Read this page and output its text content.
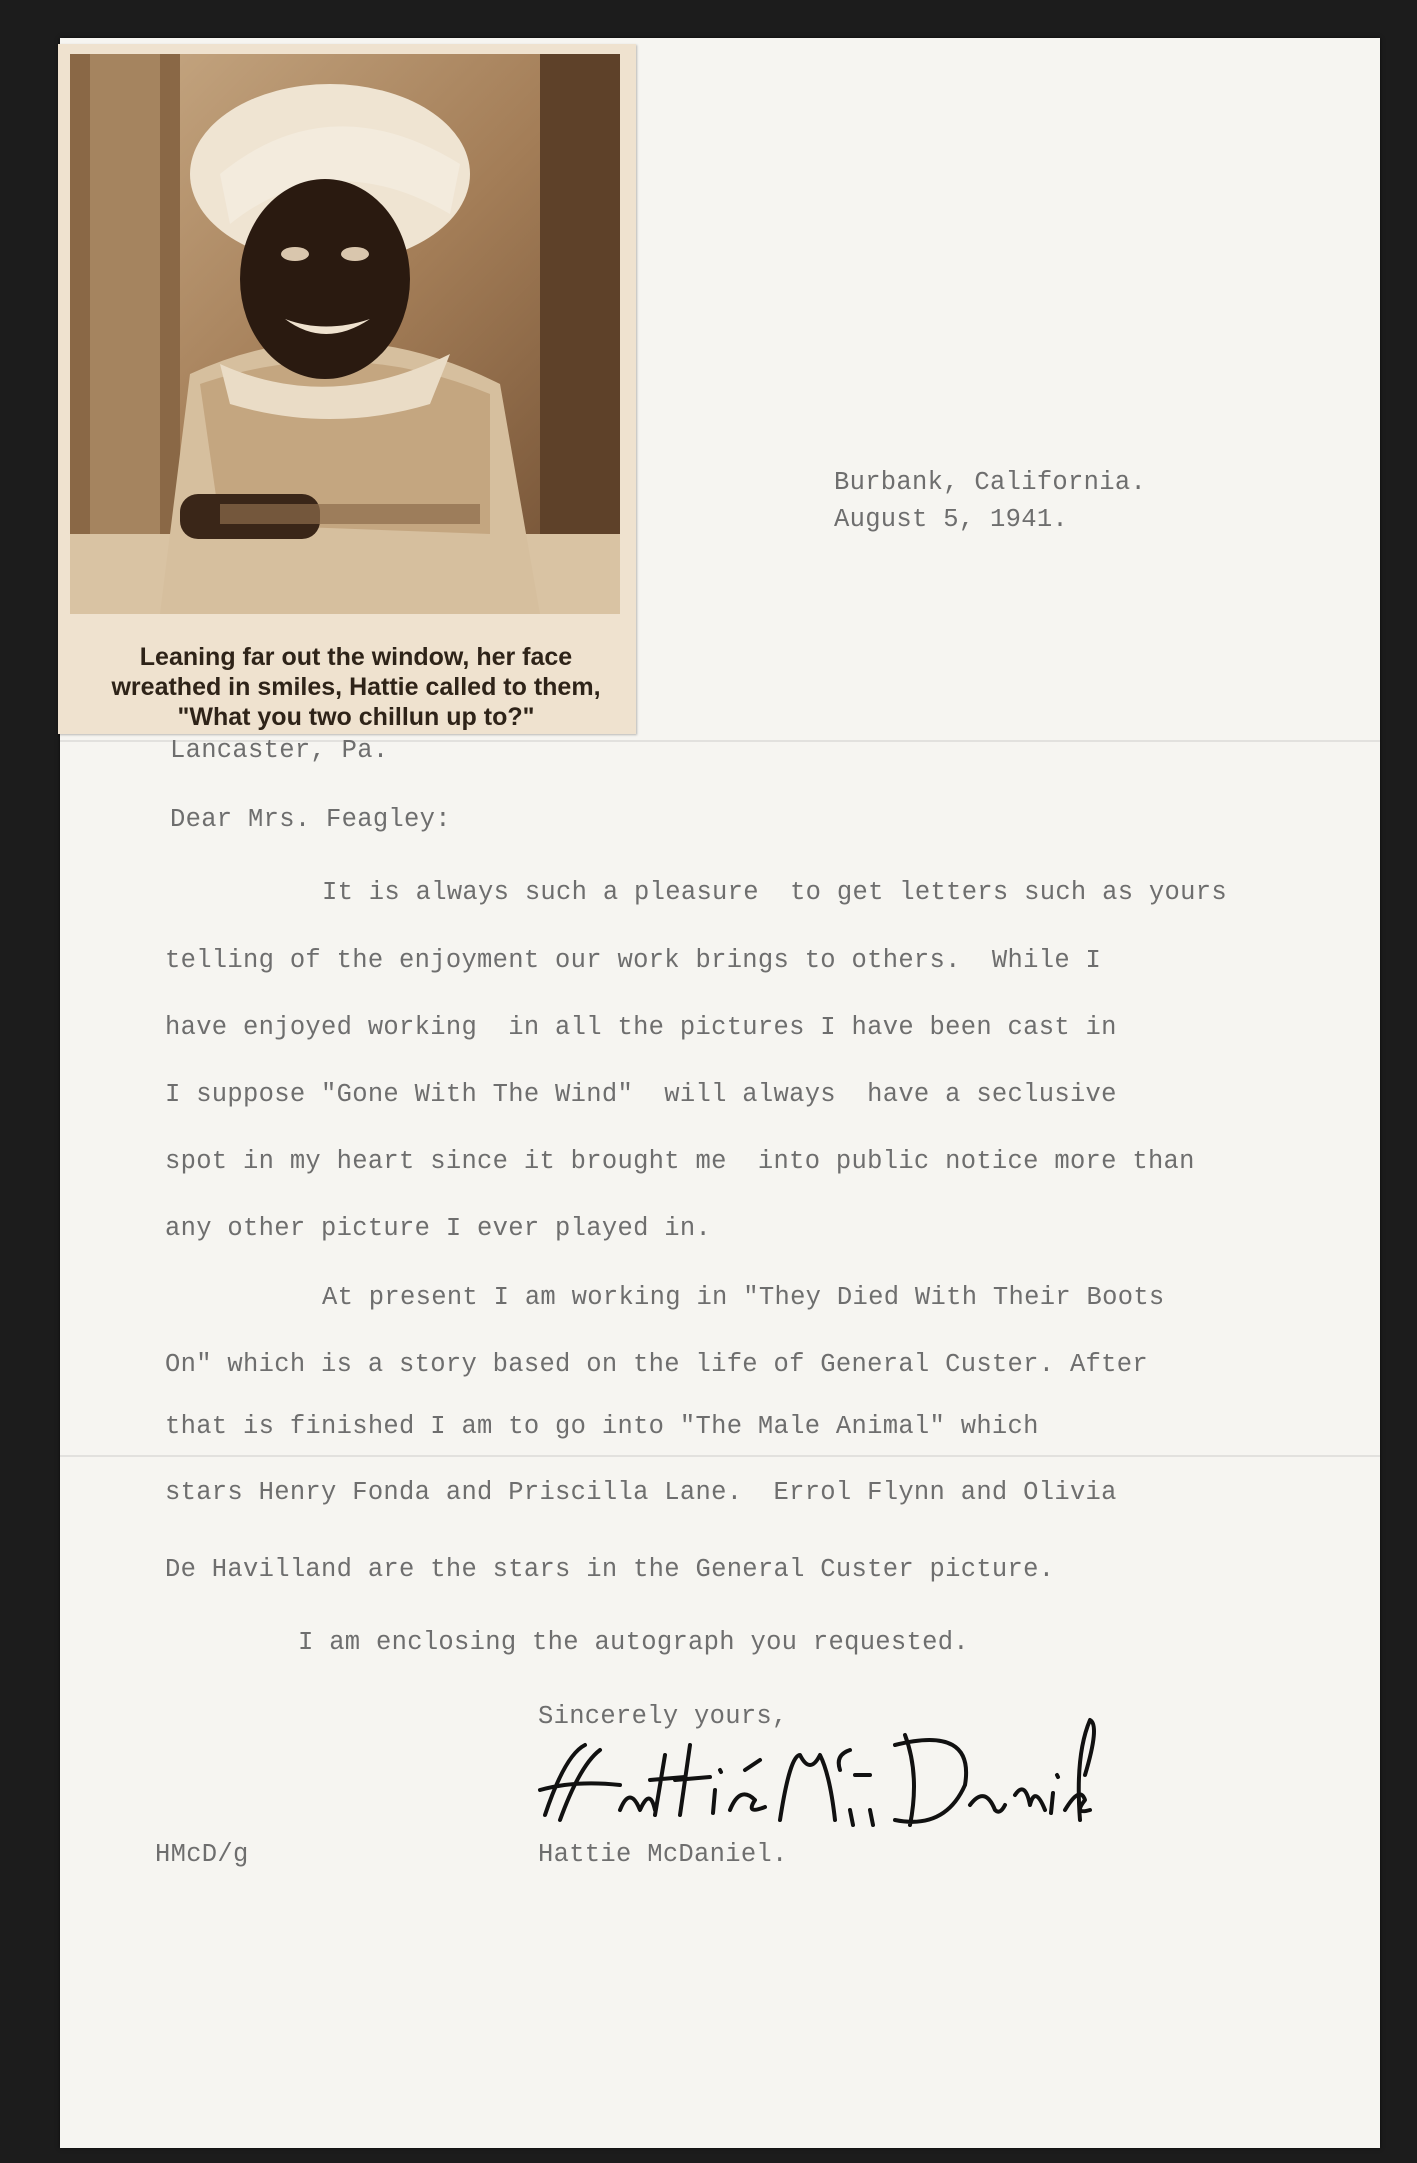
Leaning far out the window, her face wreathed in smiles, Hattie called to them, "What you two chillun up to?"

Burbank, California.

August 5, 1941.

Lancaster, Pa.

Dear Mrs. Feagley:

It is always such a pleasure  to get letters such as yours

telling of the enjoyment our work brings to others.  While I

have enjoyed working  in all the pictures I have been cast in

I suppose "Gone With The Wind"  will always  have a seclusive

spot in my heart since it brought me  into public notice more than

any other picture I ever played in.

At present I am working in "They Died With Their Boots

On" which is a story based on the life of General Custer. After

that is finished I am to go into "The Male Animal" which

stars Henry Fonda and Priscilla Lane.  Errol Flynn and Olivia

De Havilland are the stars in the General Custer picture.

I am enclosing the autograph you requested.

Sincerely yours,

Hattie McDaniel.

HMcD/g
